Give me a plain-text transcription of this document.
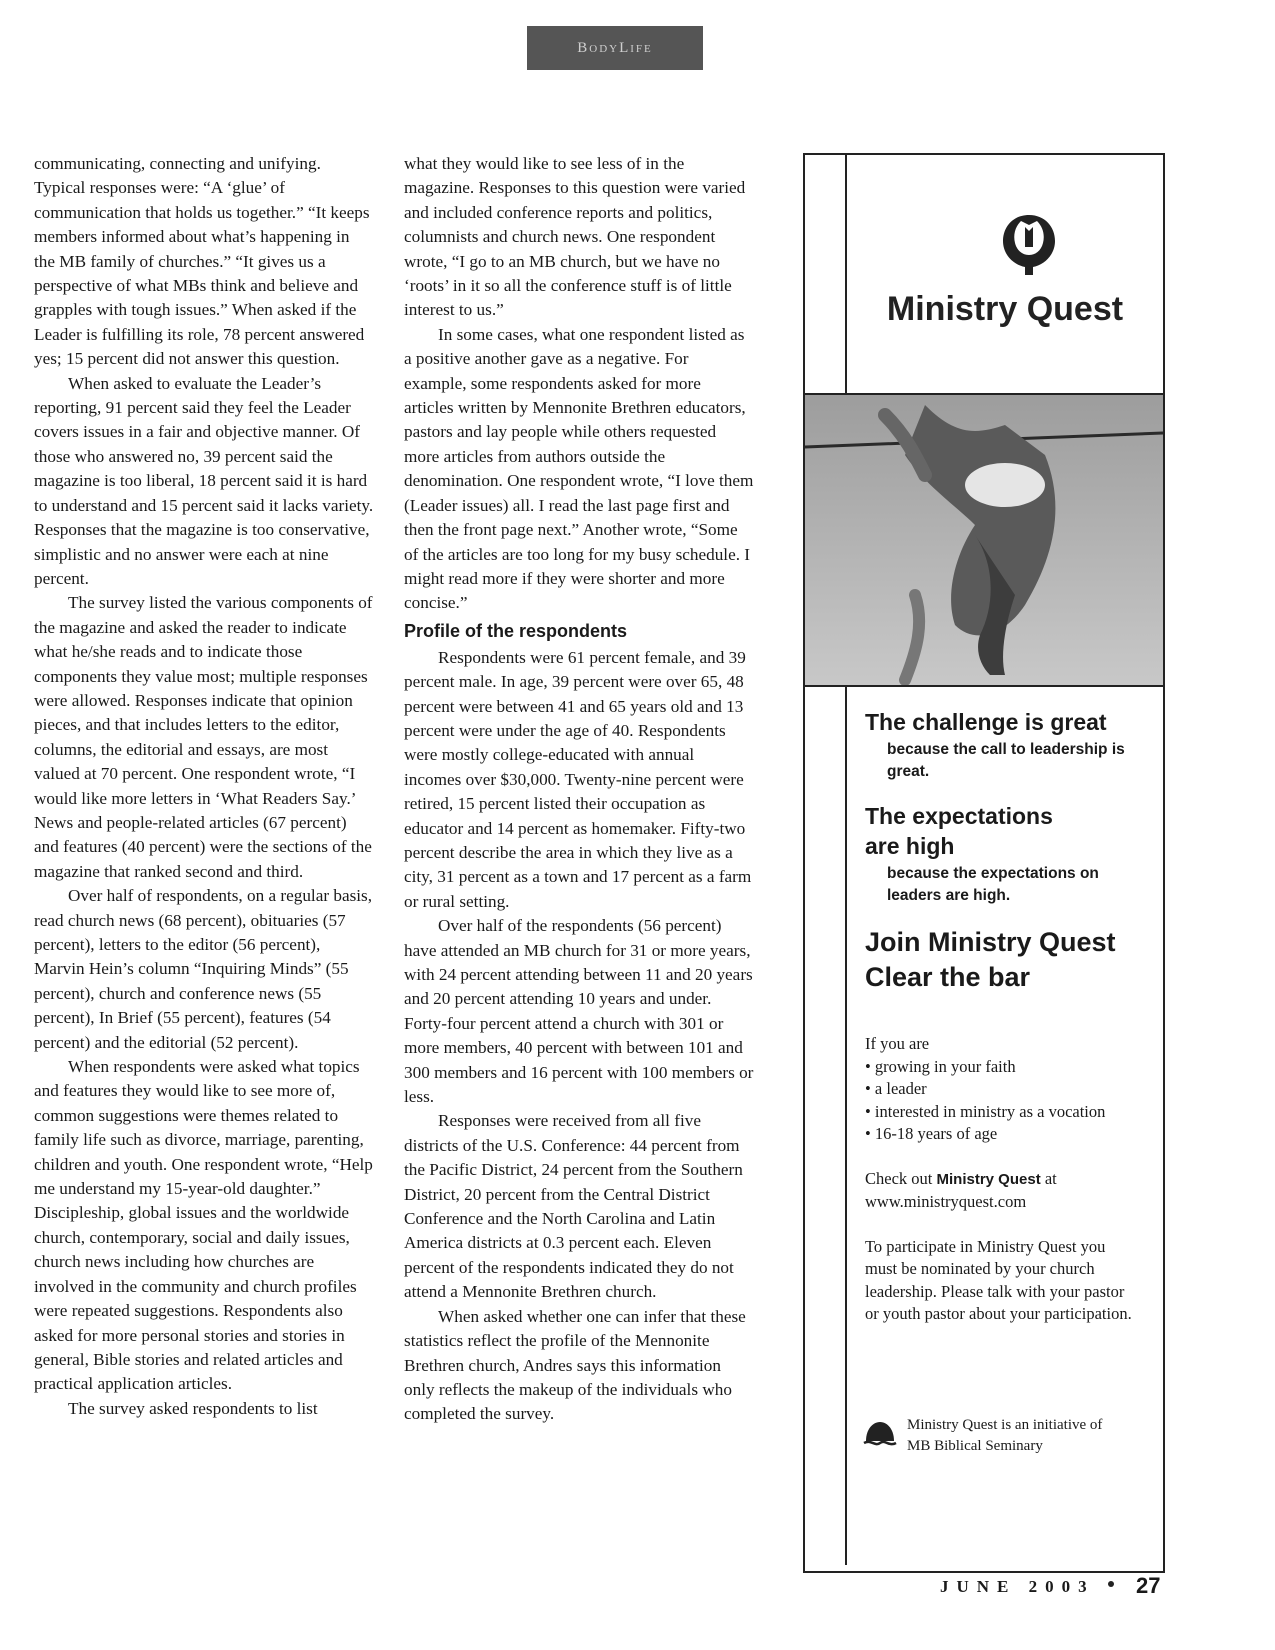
BodyLife

communicating, connecting and unifying. Typical responses were: “A ‘glue’ of communication that holds us together.” “It keeps members informed about what’s happening in the MB family of churches.” “It gives us a perspective of what MBs think and believe and grapples with tough issues.” When asked if the Leader is fulfilling its role, 78 percent answered yes; 15 percent did not answer this question.

When asked to evaluate the Leader’s reporting, 91 percent said they feel the Leader covers issues in a fair and objective manner. Of those who answered no, 39 percent said the magazine is too liberal, 18 percent said it is hard to understand and 15 percent said it lacks variety. Responses that the magazine is too conservative, simplistic and no answer were each at nine percent.

The survey listed the various components of the magazine and asked the reader to indicate what he/she reads and to indicate those components they value most; multiple responses were allowed. Responses indicate that opinion pieces, and that includes letters to the editor, columns, the editorial and essays, are most valued at 70 percent. One respondent wrote, “I would like more letters in ‘What Readers Say.’ News and people-related articles (67 percent) and features (40 percent) were the sections of the magazine that ranked second and third.

Over half of respondents, on a regular basis, read church news (68 percent), obituaries (57 percent), letters to the editor (56 percent), Marvin Hein’s column “Inquiring Minds” (55 percent), church and conference news (55 percent), In Brief (55 percent), features (54 percent) and the editorial (52 percent).

When respondents were asked what topics and features they would like to see more of, common suggestions were themes related to family life such as divorce, marriage, parenting, children and youth. One respondent wrote, “Help me understand my 15-year-old daughter.” Discipleship, global issues and the worldwide church, contemporary, social and daily issues, church news including how churches are involved in the community and church profiles were repeated suggestions. Respondents also asked for more personal stories and stories in general, Bible stories and related articles and practical application articles.

The survey asked respondents to list

what they would like to see less of in the magazine. Responses to this question were varied and included conference reports and politics, columnists and church news. One respondent wrote, “I go to an MB church, but we have no ‘roots’ in it so all the conference stuff is of little interest to us.”

In some cases, what one respondent listed as a positive another gave as a negative. For example, some respondents asked for more articles written by Mennonite Brethren educators, pastors and lay people while others requested more articles from authors outside the denomination. One respondent wrote, “I love them (Leader issues) all. I read the last page first and then the front page next.” Another wrote, “Some of the articles are too long for my busy schedule. I might read more if they were shorter and more concise.”

Profile of the respondents

Respondents were 61 percent female, and 39 percent male. In age, 39 percent were over 65, 48 percent were between 41 and 65 years old and 13 percent were under the age of 40. Respondents were mostly college-educated with annual incomes over $30,000. Twenty-nine percent were retired, 15 percent listed their occupation as educator and 14 percent as homemaker. Fifty-two percent describe the area in which they live as a city, 31 percent as a town and 17 percent as a farm or rural setting.

Over half of the respondents (56 percent) have attended an MB church for 31 or more years, with 24 percent attending between 11 and 20 years and 20 percent attending 10 years and under. Forty-four percent attend a church with 301 or more members, 40 percent with between 101 and 300 members and 16 percent with 100 members or less.

Responses were received from all five districts of the U.S. Conference: 44 percent from the Pacific District, 24 percent from the Southern District, 20 percent from the Central District Conference and the North Carolina and Latin America districts at 0.3 percent each. Eleven percent of the respondents indicated they do not attend a Mennonite Brethren church.

When asked whether one can infer that these statistics reflect the profile of the Mennonite Brethren church, Andres says this information only reflects the makeup of the individuals who completed the survey.

Ministry Quest
The challenge is great
because the call to leadership is great.
The expectations are high
because the expectations on leaders are high.
Join Ministry Quest
Clear the bar
If you are
• growing in your faith
• a leader
• interested in ministry as a vocation
• 16-18 years of age
Check out Ministry Quest at
www.ministryquest.com
To participate in Ministry Quest you must be nominated by your church leadership. Please talk with your pastor or youth pastor about your participation.
Ministry Quest is an initiative of MB Biblical Seminary
JUNE 2003 27
